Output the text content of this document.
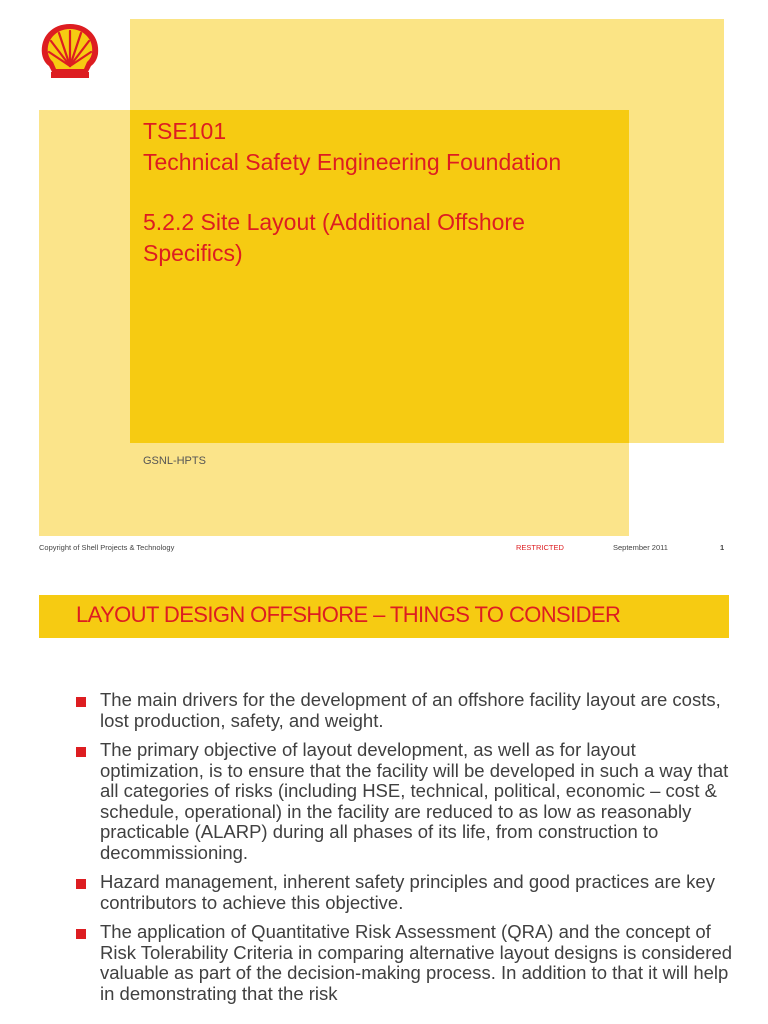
TSE101
Technical Safety Engineering Foundation
5.2.2 Site Layout (Additional Offshore
Specifics)
GSNL-HPTS
Copyright of Shell Projects & Technology	RESTRICTED	September 2011	1
LAYOUT DESIGN OFFSHORE – THINGS TO CONSIDER
The main drivers for the development of an offshore facility layout are costs, lost production, safety, and weight.
The primary objective of layout development, as well as for layout optimization, is to ensure that the facility will be developed in such a way that all categories of risks (including HSE, technical, political, economic – cost & schedule, operational) in the facility are reduced to as low as reasonably practicable (ALARP) during all phases of its life, from construction to decommissioning.
Hazard management, inherent safety principles and good practices are key contributors to achieve this objective.
The application of Quantitative Risk Assessment (QRA) and the concept of Risk Tolerability Criteria in comparing alternative layout designs is considered valuable as part of the decision-making process. In addition to that it will help in demonstrating that the risk
